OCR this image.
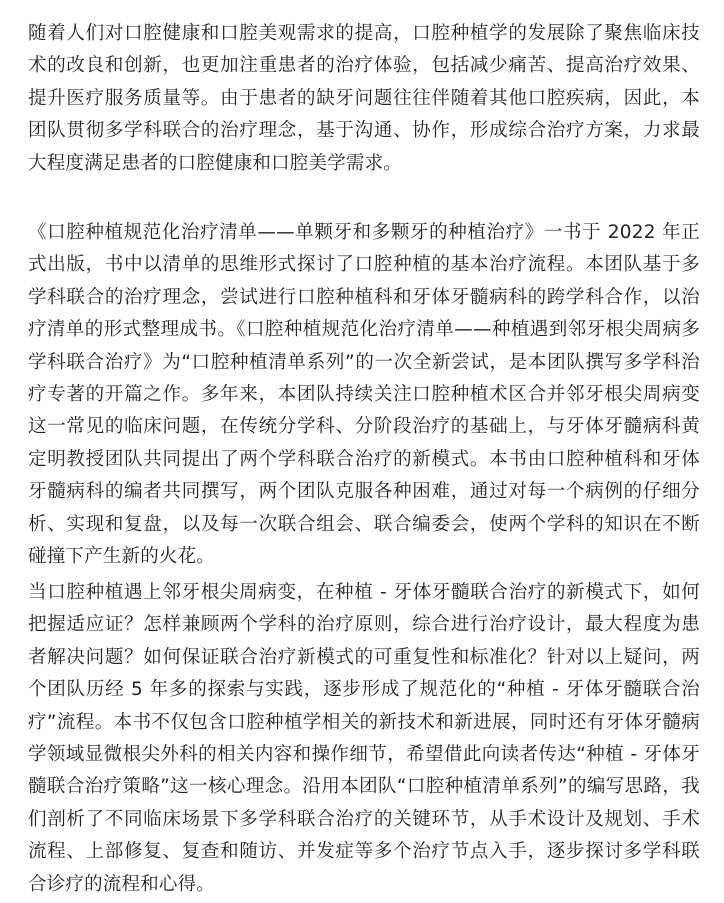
随着人们对口腔健康和口腔美观需求的提高，口腔种植学的发展除了聚焦临床技术的改良和创新，也更加注重患者的治疗体验，包括减少痛苦、提高治疗效果、提升医疗服务质量等。由于患者的缺牙问题往往伴随着其他口腔疾病，因此，本团队贯彻多学科联合的治疗理念，基于沟通、协作，形成综合治疗方案，力求最大程度满足患者的口腔健康和口腔美学需求。

《口腔种植规范化治疗清单——单颗牙和多颗牙的种植治疗》一书于 2022 年正式出版，书中以清单的思维形式探讨了口腔种植的基本治疗流程。本团队基于多学科联合的治疗理念，尝试进行口腔种植科和牙体牙髓病科的跨学科合作，以治疗清单的形式整理成书。《口腔种植规范化治疗清单——种植遇到邻牙根尖周病多学科联合治疗》为“口腔种植清单系列”的一次全新尝试，是本团队撰写多学科治疗专著的开篇之作。多年来，本团队持续关注口腔种植术区合并邻牙根尖周病变这一常见的临床问题，在传统分学科、分阶段治疗的基础上，与牙体牙髓病科黄定明教授团队共同提出了两个学科联合治疗的新模式。本书由口腔种植科和牙体牙髓病科的编者共同撰写，两个团队克服各种困难，通过对每一个病例的仔细分析、实现和复盘，以及每一次联合组会、联合编委会，使两个学科的知识在不断碰撞下产生新的火花。

当口腔种植遇上邻牙根尖周病变，在种植 - 牙体牙髓联合治疗的新模式下，如何把握适应证？怎样兼顾两个学科的治疗原则，综合进行治疗设计，最大程度为患者解决问题？如何保证联合治疗新模式的可重复性和标准化？针对以上疑问，两个团队历经 5 年多的探索与实践，逐步形成了规范化的“种植 - 牙体牙髓联合治疗”流程。本书不仅包含口腔种植学相关的新技术和新进展，同时还有牙体牙髓病学领域显微根尖外科的相关内容和操作细节，希望借此向读者传达“种植 - 牙体牙髓联合治疗策略”这一核心理念。沿用本团队“口腔种植清单系列”的编写思路，我们剖析了不同临床场景下多学科联合治疗的关键环节，从手术设计及规划、手术流程、上部修复、复查和随访、并发症等多个治疗节点入手，逐步探讨多学科联合诊疗的流程和心得。
